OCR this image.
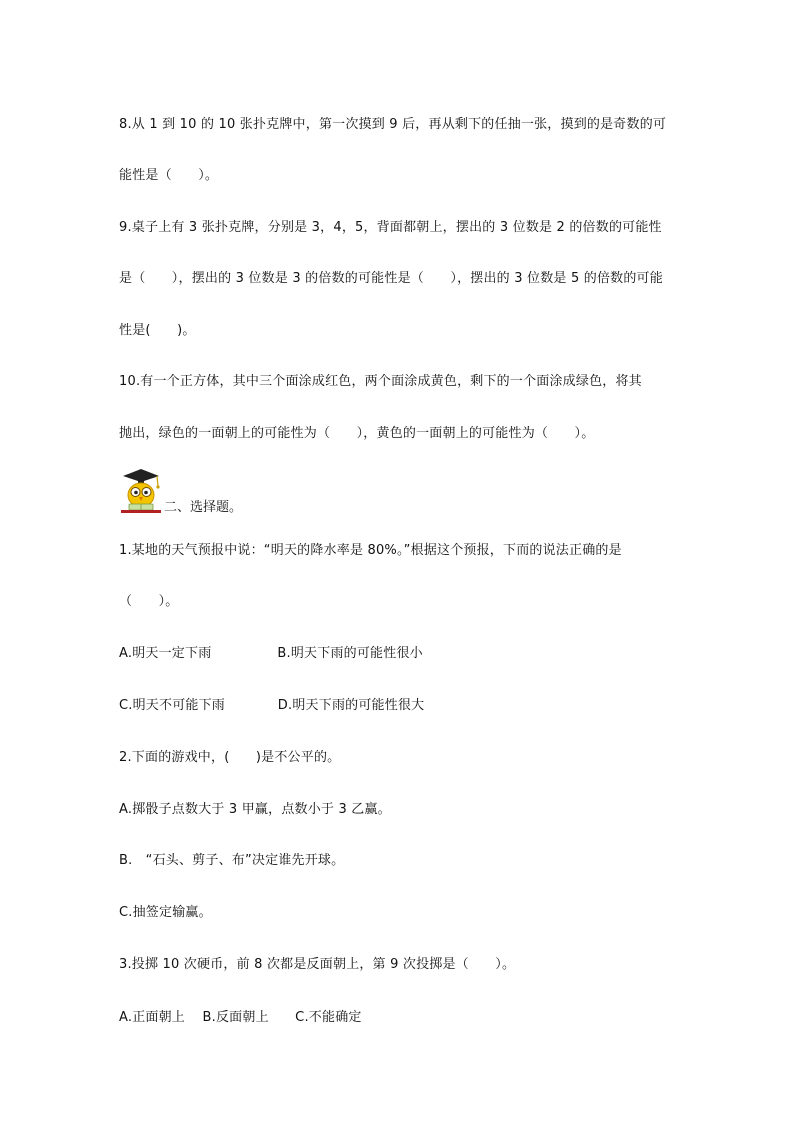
8.从 1 到 10 的 10 张扑克牌中，第一次摸到 9 后，再从剩下的任抽一张，摸到的是奇数的可
能性是（　　）。
9.桌子上有 3 张扑克牌，分别是 3，4，5，背面都朝上，摆出的 3 位数是 2 的倍数的可能性
是（　　），摆出的 3 位数是 3 的倍数的可能性是（　　），摆出的 3 位数是 5 的倍数的可能
性是(　　)。
10.有一个正方体，其中三个面涂成红色，两个面涂成黄色，剩下的一个面涂成绿色，将其
抛出，绿色的一面朝上的可能性为（　　），黄色的一面朝上的可能性为（　　）。
二、选择题。
1.某地的天气预报中说：“明天的降水率是 80%。”根据这个预报，下而的说法正确的是
（　　）。
A.明天一定下雨　　　　　B.明天下雨的可能性很小
C.明天不可能下雨　　　　D.明天下雨的可能性很大
2.下面的游戏中，(　　)是不公平的。
A.掷骰子点数大于 3 甲赢，点数小于 3 乙赢。
B.　“石头、剪子、布”决定谁先开球。
C.抽签定输赢。
3.投掷 10 次硬币，前 8 次都是反面朝上，第 9 次投掷是（　　）。
A.正面朝上　 B.反面朝上　　C.不能确定
